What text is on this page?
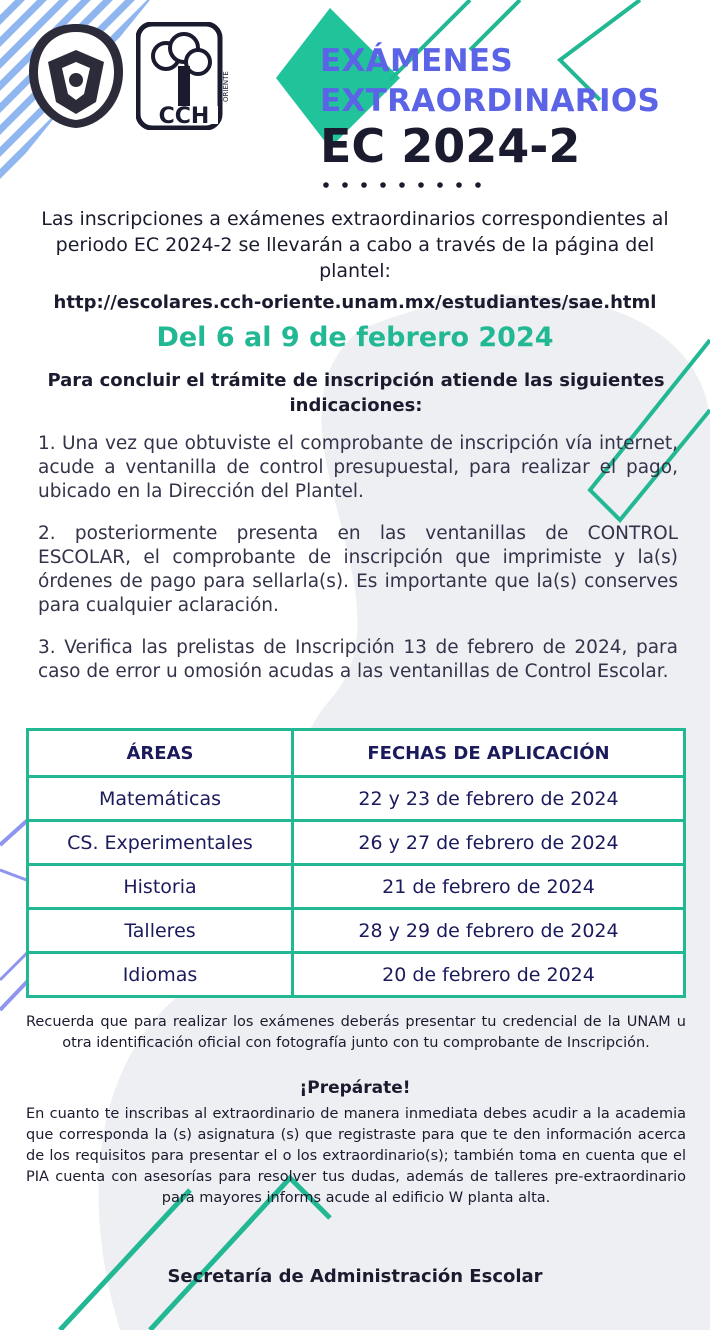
CCH
ORIENTE
EXÁMENES
EXTRAORDINARIOS
EC 2024-2
Las inscripciones a exámenes extraordinarios correspondientes al periodo EC 2024-2 se llevarán a cabo a través de la página del plantel:
http://escolares.cch-oriente.unam.mx/estudiantes/sae.html
Del 6 al 9 de febrero 2024
Para concluir el trámite de inscripción atiende las siguientes indicaciones:
1. Una vez que obtuviste el comprobante de inscripción vía internet, acude a ventanilla de control presupuestal, para realizar el pago, ubicado en la Dirección del Plantel.
2. posteriormente presenta en las ventanillas de CONTROL ESCOLAR, el comprobante de inscripción que imprimiste y la(s) órdenes de pago para sellarla(s). Es importante que la(s) conserves para cualquier aclaración.
3. Verifica las prelistas de Inscripción 13 de febrero de 2024, para caso de error u omosión acudas a las ventanillas de Control Escolar.
ÁREAS	FECHAS DE APLICACIÓN
Matemáticas	22 y 23 de febrero de 2024
CS. Experimentales	26 y 27 de febrero de 2024
Historia	21 de febrero de 2024
Talleres	28 y 29 de febrero de 2024
Idiomas	20 de febrero de 2024
Recuerda que para realizar los exámenes deberás presentar tu credencial de la UNAM u otra identificación oficial con fotografía junto con tu comprobante de Inscripción.
¡Prepárate!
En cuanto te inscribas al extraordinario de manera inmediata debes acudir a la academia que corresponda la (s) asignatura (s) que registraste para que te den información acerca de los requisitos para presentar el o los extraordinario(s); también toma en cuenta que el PIA cuenta con asesorías para resolver tus dudas, además de talleres pre-extraordinario para mayores informs acude al edificio W planta alta.
Secretaría de Administración Escolar
